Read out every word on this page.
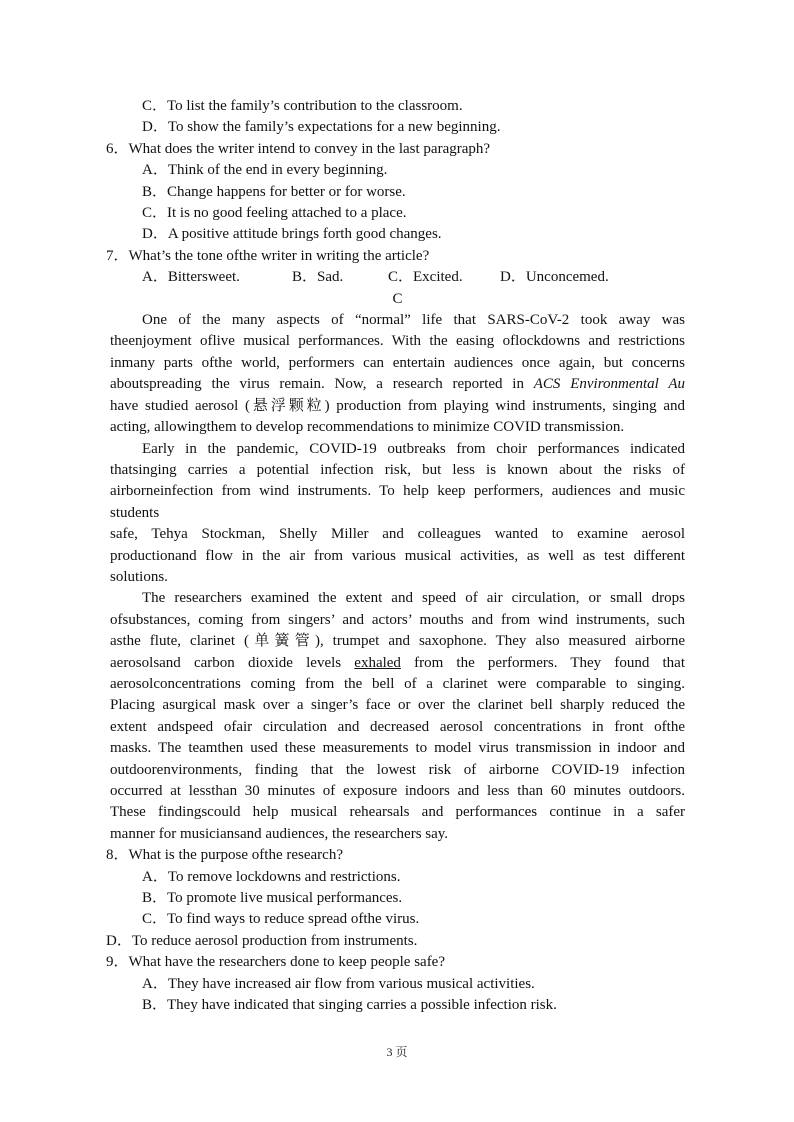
C．To list the family’s contribution to the classroom.
D．To show the family’s expectations for a new beginning.
6．What does the writer intend to convey in the last paragraph?
A．Think of the end in every beginning.
B．Change happens for better or for worse.
C．It is no good feeling attached to a place.
D．A positive attitude brings forth good changes.
7．What’s the tone ofthe writer in writing the article?
A．Bittersweet.	B．Sad.	C．Excited. D．Unconcemed.
C
One of the many aspects of “normal” life that SARS-CoV-2 took away was
theenjoyment oflive musical performances. With the easing oflockdowns and restrictions
inmany parts ofthe world, performers can entertain audiences once again, but concerns
aboutspreading the virus remain. Now, a research reported in ACS Environmental Au
have studied aerosol (悬浮颗粒) production from playing wind instruments, singing and
acting, allowingthem to develop recommendations to minimize COVID transmission.
Early in the pandemic, COVID-19 outbreaks from choir performances indicated
thatsinging carries a potential infection risk, but less is known about the risks of
airborneinfection from wind instruments. To help keep performers, audiences and music
students
safe, Tehya Stockman, Shelly Miller and colleagues wanted to examine aerosol
productionand flow in the air from various musical activities, as well as test different
solutions.
The researchers examined the extent and speed of air circulation, or small drops
ofsubstances, coming from singers’ and actors’ mouths and from wind instruments, such
asthe flute, clarinet (单簧管), trumpet and saxophone. They also measured airborne
aerosolsand carbon dioxide levels exhaled from the performers. They found that
aerosolconcentrations coming from the bell of a clarinet were comparable to singing.
Placing asurgical mask over a singer’s face or over the clarinet bell sharply reduced the
extent andspeed ofair circulation and decreased aerosol concentrations in front ofthe
masks. The teamthen used these measurements to model virus transmission in indoor and
outdoorenvironments, finding that the lowest risk of airborne COVID-19 infection
occurred at lessthan 30 minutes of exposure indoors and less than 60 minutes outdoors.
These findingscould help musical rehearsals and performances continue in a safer
manner for musiciansand audiences, the researchers say.
8．What is the purpose ofthe research?
A．To remove lockdowns and restrictions.
B．To promote live musical performances.
C．To find ways to reduce spread ofthe virus.
D．To reduce aerosol production from instruments.
9．What have the researchers done to keep people safe?
A．They have increased air flow from various musical activities.
B．They have indicated that singing carries a possible infection risk.
3 页
